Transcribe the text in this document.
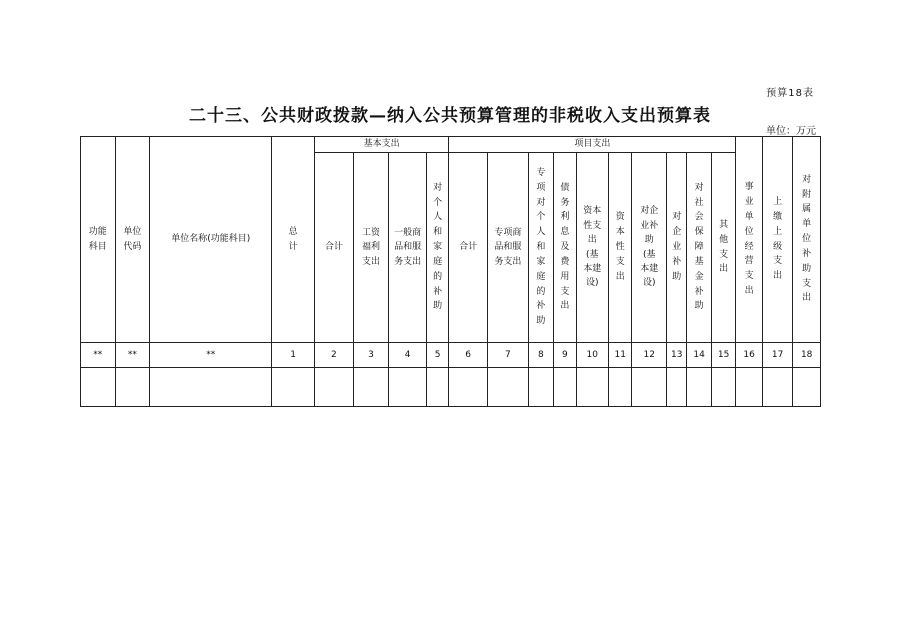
预算18表
二十三、公共财政拨款—纳入公共预算管理的非税收入支出预算表
单位：万元
功能科目	单位代码	单位名称(功能科目)	总计	基本支出				项目支出										事业单位经营支出	上缴上级支出	对附属单位补助支出
				合计	工资福利支出	一般商品和服务支出	对个人和家庭的补助	合计	专项商品和服务支出	专项对个人和家庭的补助	债务利息及费用支出	资本性支出(基本建设)	资本性支出	对企业补助(基本建设)	对企业补助	对社会保障基金补助	其他支出			
**	**	**	1	2	3	4	5	6	7	8	9	10	11	12	13	14	15	16	17	18
